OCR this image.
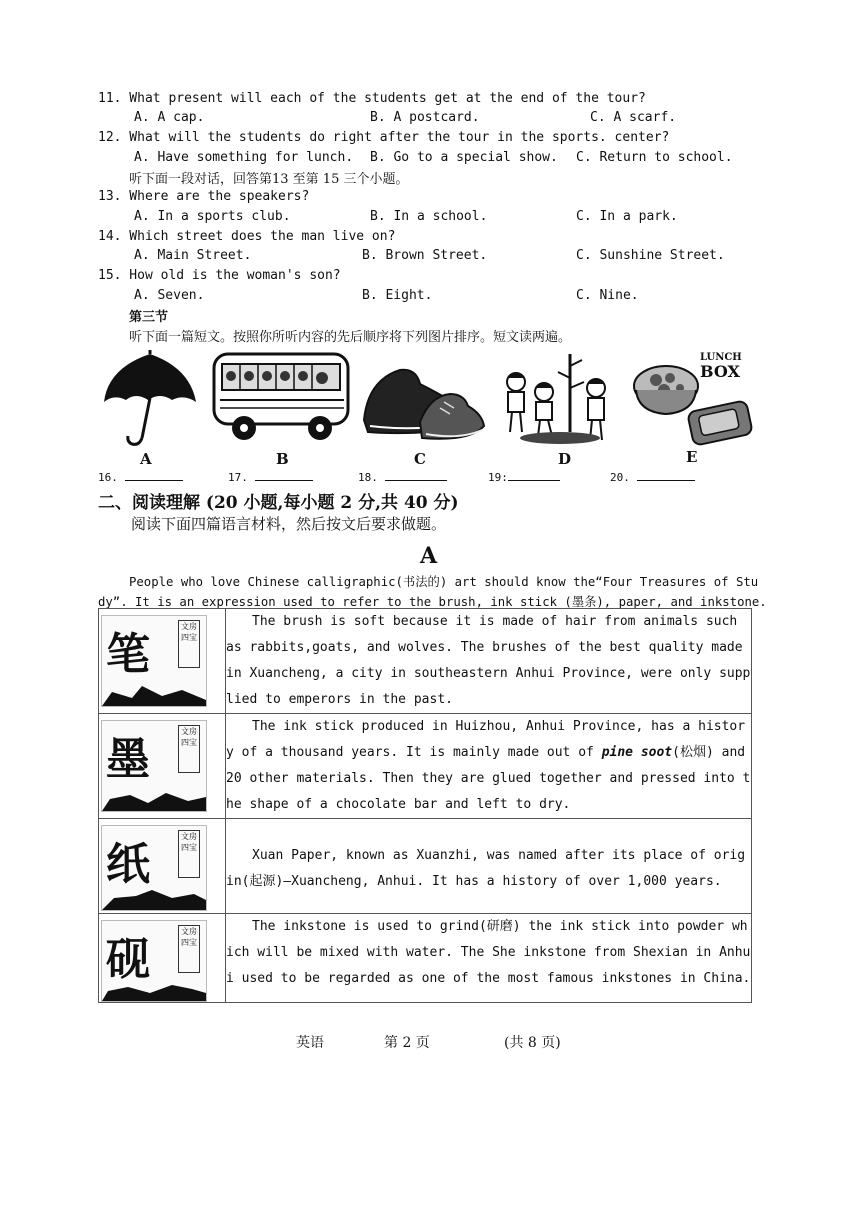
11. What present will each of the students get at the end of the tour?
A. A cap.	B. A postcard.	C. A scarf.
12. What will the students do right after the tour in the sports. center?
A. Have something for lunch. B. Go to a special show. C. Return to school.
听下面一段对话，回答第13 至第 15 三个小题。
13. Where are the speakers?
A. In a sports club.	B. In a school.	C. In a park.
14. Which street does the man live on?
A. Main Street.	B. Brown Street.	C. Sunshine Street.
15. How old is the woman's son?
A. Seven.	B. Eight.	C. Nine.
第三节
听下面一篇短文。按照你所听内容的先后顺序将下列图片排序。短文读两遍。
A	B	C	D
LUNCH
BOX
E
16.	17.	18.	19:	20.
二、阅读理解 (20 小题,每小题 2 分,共 40 分)
阅读下面四篇语言材料，然后按文后要求做题。
A
People who love Chinese calligraphic(书法的) art should know the“Four Treasures of Stu
dy”. It is an expression used to refer to the brush, ink stick (墨条), paper, and inkstone.
笔
文房四宝	The brush is soft because it is made of hair from animals such as rabbits,goats, and wolves. The brushes of the best quality made in Xuancheng, a city in southeastern Anhui Province, were only supplied to emperors in the past.

墨
文房四宝	The ink stick produced in Huizhou, Anhui Province, has a history of a thousand years. It is mainly made out of pine soot(松烟) and 20 other materials. Then they are glued together and pressed into the shape of a chocolate bar and left to dry.

纸
文房四宝	Xuan Paper, known as Xuanzhi, was named after its place of origin(起源)—Xuancheng, Anhui. It has a history of over 1,000 years.

砚
文房四宝	The inkstone is used to grind(研磨) the ink stick into powder which will be mixed with water. The She inkstone from Shexian in Anhui used to be regarded as one of the most famous inkstones in China.
英语	第 2 页	(共 8 页)
